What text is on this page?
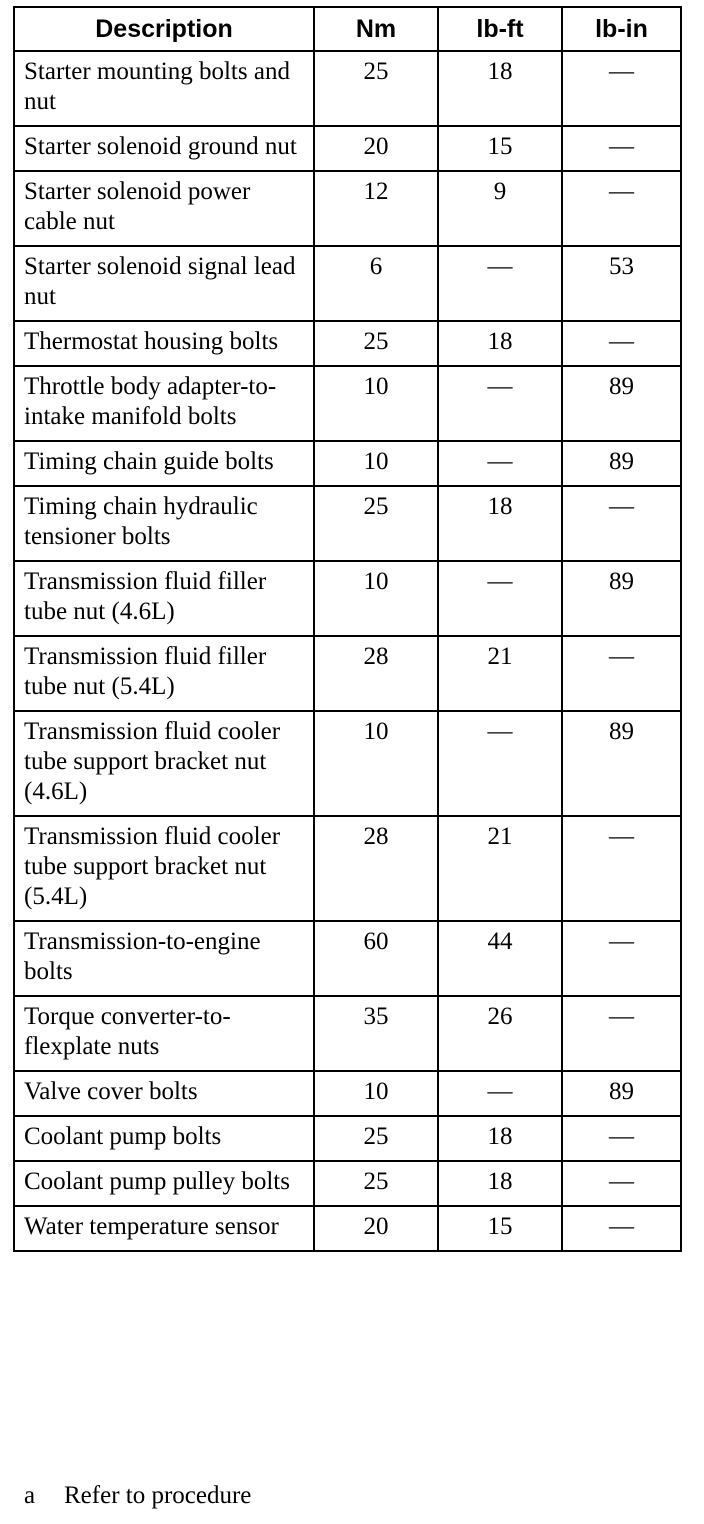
Description	Nm	lb-ft	lb-in
Starter mounting bolts and nut	25	18	—
Starter solenoid ground nut	20	15	—
Starter solenoid power cable nut	12	9	—
Starter solenoid signal lead nut	6	—	53
Thermostat housing bolts	25	18	—
Throttle body adapter-to-intake manifold bolts	10	—	89
Timing chain guide bolts	10	—	89
Timing chain hydraulic tensioner bolts	25	18	—
Transmission fluid filler tube nut (4.6L)	10	—	89
Transmission fluid filler tube nut (5.4L)	28	21	—
Transmission fluid cooler tube support bracket nut (4.6L)	10	—	89
Transmission fluid cooler tube support bracket nut (5.4L)	28	21	—
Transmission-to-engine bolts	60	44	—
Torque converter-to-flexplate nuts	35	26	—
Valve cover bolts	10	—	89
Coolant pump bolts	25	18	—
Coolant pump pulley bolts	25	18	—
Water temperature sensor	20	15	—
a Refer to procedure
